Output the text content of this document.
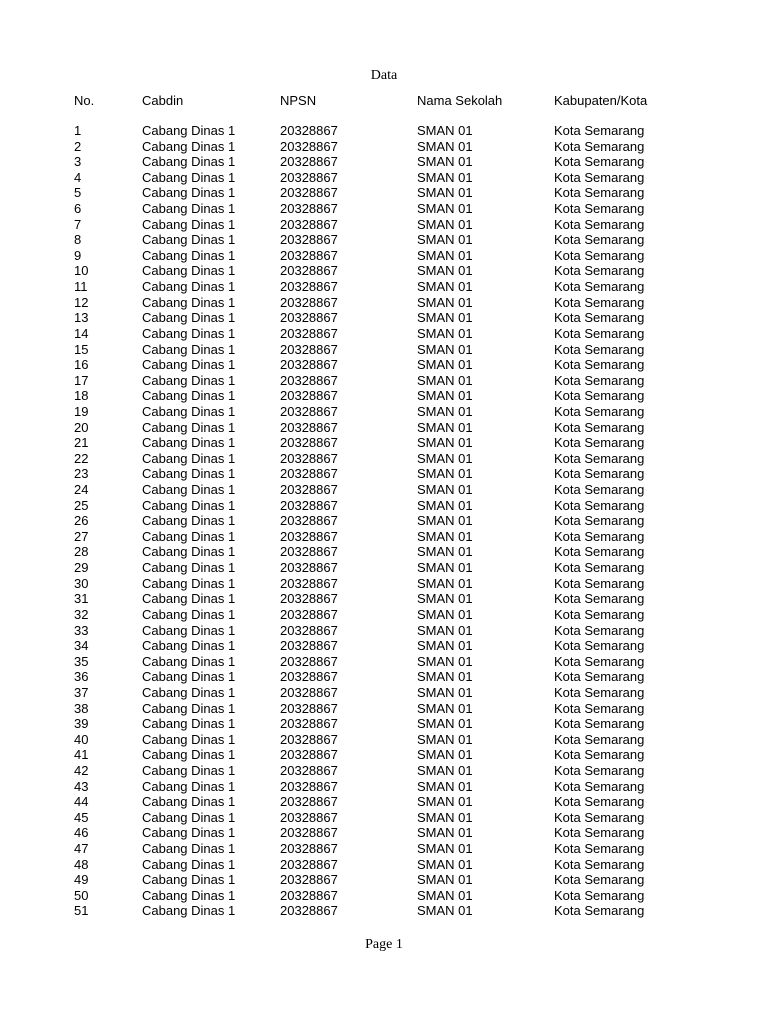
Data
No.	Cabdin	NPSN	Nama Sekolah	Kabupaten/Kota
1	Cabang Dinas 1	20328867	SMAN 01	Kota Semarang
2	Cabang Dinas 1	20328867	SMAN 01	Kota Semarang
3	Cabang Dinas 1	20328867	SMAN 01	Kota Semarang
4	Cabang Dinas 1	20328867	SMAN 01	Kota Semarang
5	Cabang Dinas 1	20328867	SMAN 01	Kota Semarang
6	Cabang Dinas 1	20328867	SMAN 01	Kota Semarang
7	Cabang Dinas 1	20328867	SMAN 01	Kota Semarang
8	Cabang Dinas 1	20328867	SMAN 01	Kota Semarang
9	Cabang Dinas 1	20328867	SMAN 01	Kota Semarang
10	Cabang Dinas 1	20328867	SMAN 01	Kota Semarang
11	Cabang Dinas 1	20328867	SMAN 01	Kota Semarang
12	Cabang Dinas 1	20328867	SMAN 01	Kota Semarang
13	Cabang Dinas 1	20328867	SMAN 01	Kota Semarang
14	Cabang Dinas 1	20328867	SMAN 01	Kota Semarang
15	Cabang Dinas 1	20328867	SMAN 01	Kota Semarang
16	Cabang Dinas 1	20328867	SMAN 01	Kota Semarang
17	Cabang Dinas 1	20328867	SMAN 01	Kota Semarang
18	Cabang Dinas 1	20328867	SMAN 01	Kota Semarang
19	Cabang Dinas 1	20328867	SMAN 01	Kota Semarang
20	Cabang Dinas 1	20328867	SMAN 01	Kota Semarang
21	Cabang Dinas 1	20328867	SMAN 01	Kota Semarang
22	Cabang Dinas 1	20328867	SMAN 01	Kota Semarang
23	Cabang Dinas 1	20328867	SMAN 01	Kota Semarang
24	Cabang Dinas 1	20328867	SMAN 01	Kota Semarang
25	Cabang Dinas 1	20328867	SMAN 01	Kota Semarang
26	Cabang Dinas 1	20328867	SMAN 01	Kota Semarang
27	Cabang Dinas 1	20328867	SMAN 01	Kota Semarang
28	Cabang Dinas 1	20328867	SMAN 01	Kota Semarang
29	Cabang Dinas 1	20328867	SMAN 01	Kota Semarang
30	Cabang Dinas 1	20328867	SMAN 01	Kota Semarang
31	Cabang Dinas 1	20328867	SMAN 01	Kota Semarang
32	Cabang Dinas 1	20328867	SMAN 01	Kota Semarang
33	Cabang Dinas 1	20328867	SMAN 01	Kota Semarang
34	Cabang Dinas 1	20328867	SMAN 01	Kota Semarang
35	Cabang Dinas 1	20328867	SMAN 01	Kota Semarang
36	Cabang Dinas 1	20328867	SMAN 01	Kota Semarang
37	Cabang Dinas 1	20328867	SMAN 01	Kota Semarang
38	Cabang Dinas 1	20328867	SMAN 01	Kota Semarang
39	Cabang Dinas 1	20328867	SMAN 01	Kota Semarang
40	Cabang Dinas 1	20328867	SMAN 01	Kota Semarang
41	Cabang Dinas 1	20328867	SMAN 01	Kota Semarang
42	Cabang Dinas 1	20328867	SMAN 01	Kota Semarang
43	Cabang Dinas 1	20328867	SMAN 01	Kota Semarang
44	Cabang Dinas 1	20328867	SMAN 01	Kota Semarang
45	Cabang Dinas 1	20328867	SMAN 01	Kota Semarang
46	Cabang Dinas 1	20328867	SMAN 01	Kota Semarang
47	Cabang Dinas 1	20328867	SMAN 01	Kota Semarang
48	Cabang Dinas 1	20328867	SMAN 01	Kota Semarang
49	Cabang Dinas 1	20328867	SMAN 01	Kota Semarang
50	Cabang Dinas 1	20328867	SMAN 01	Kota Semarang
51	Cabang Dinas 1	20328867	SMAN 01	Kota Semarang
Page 1
